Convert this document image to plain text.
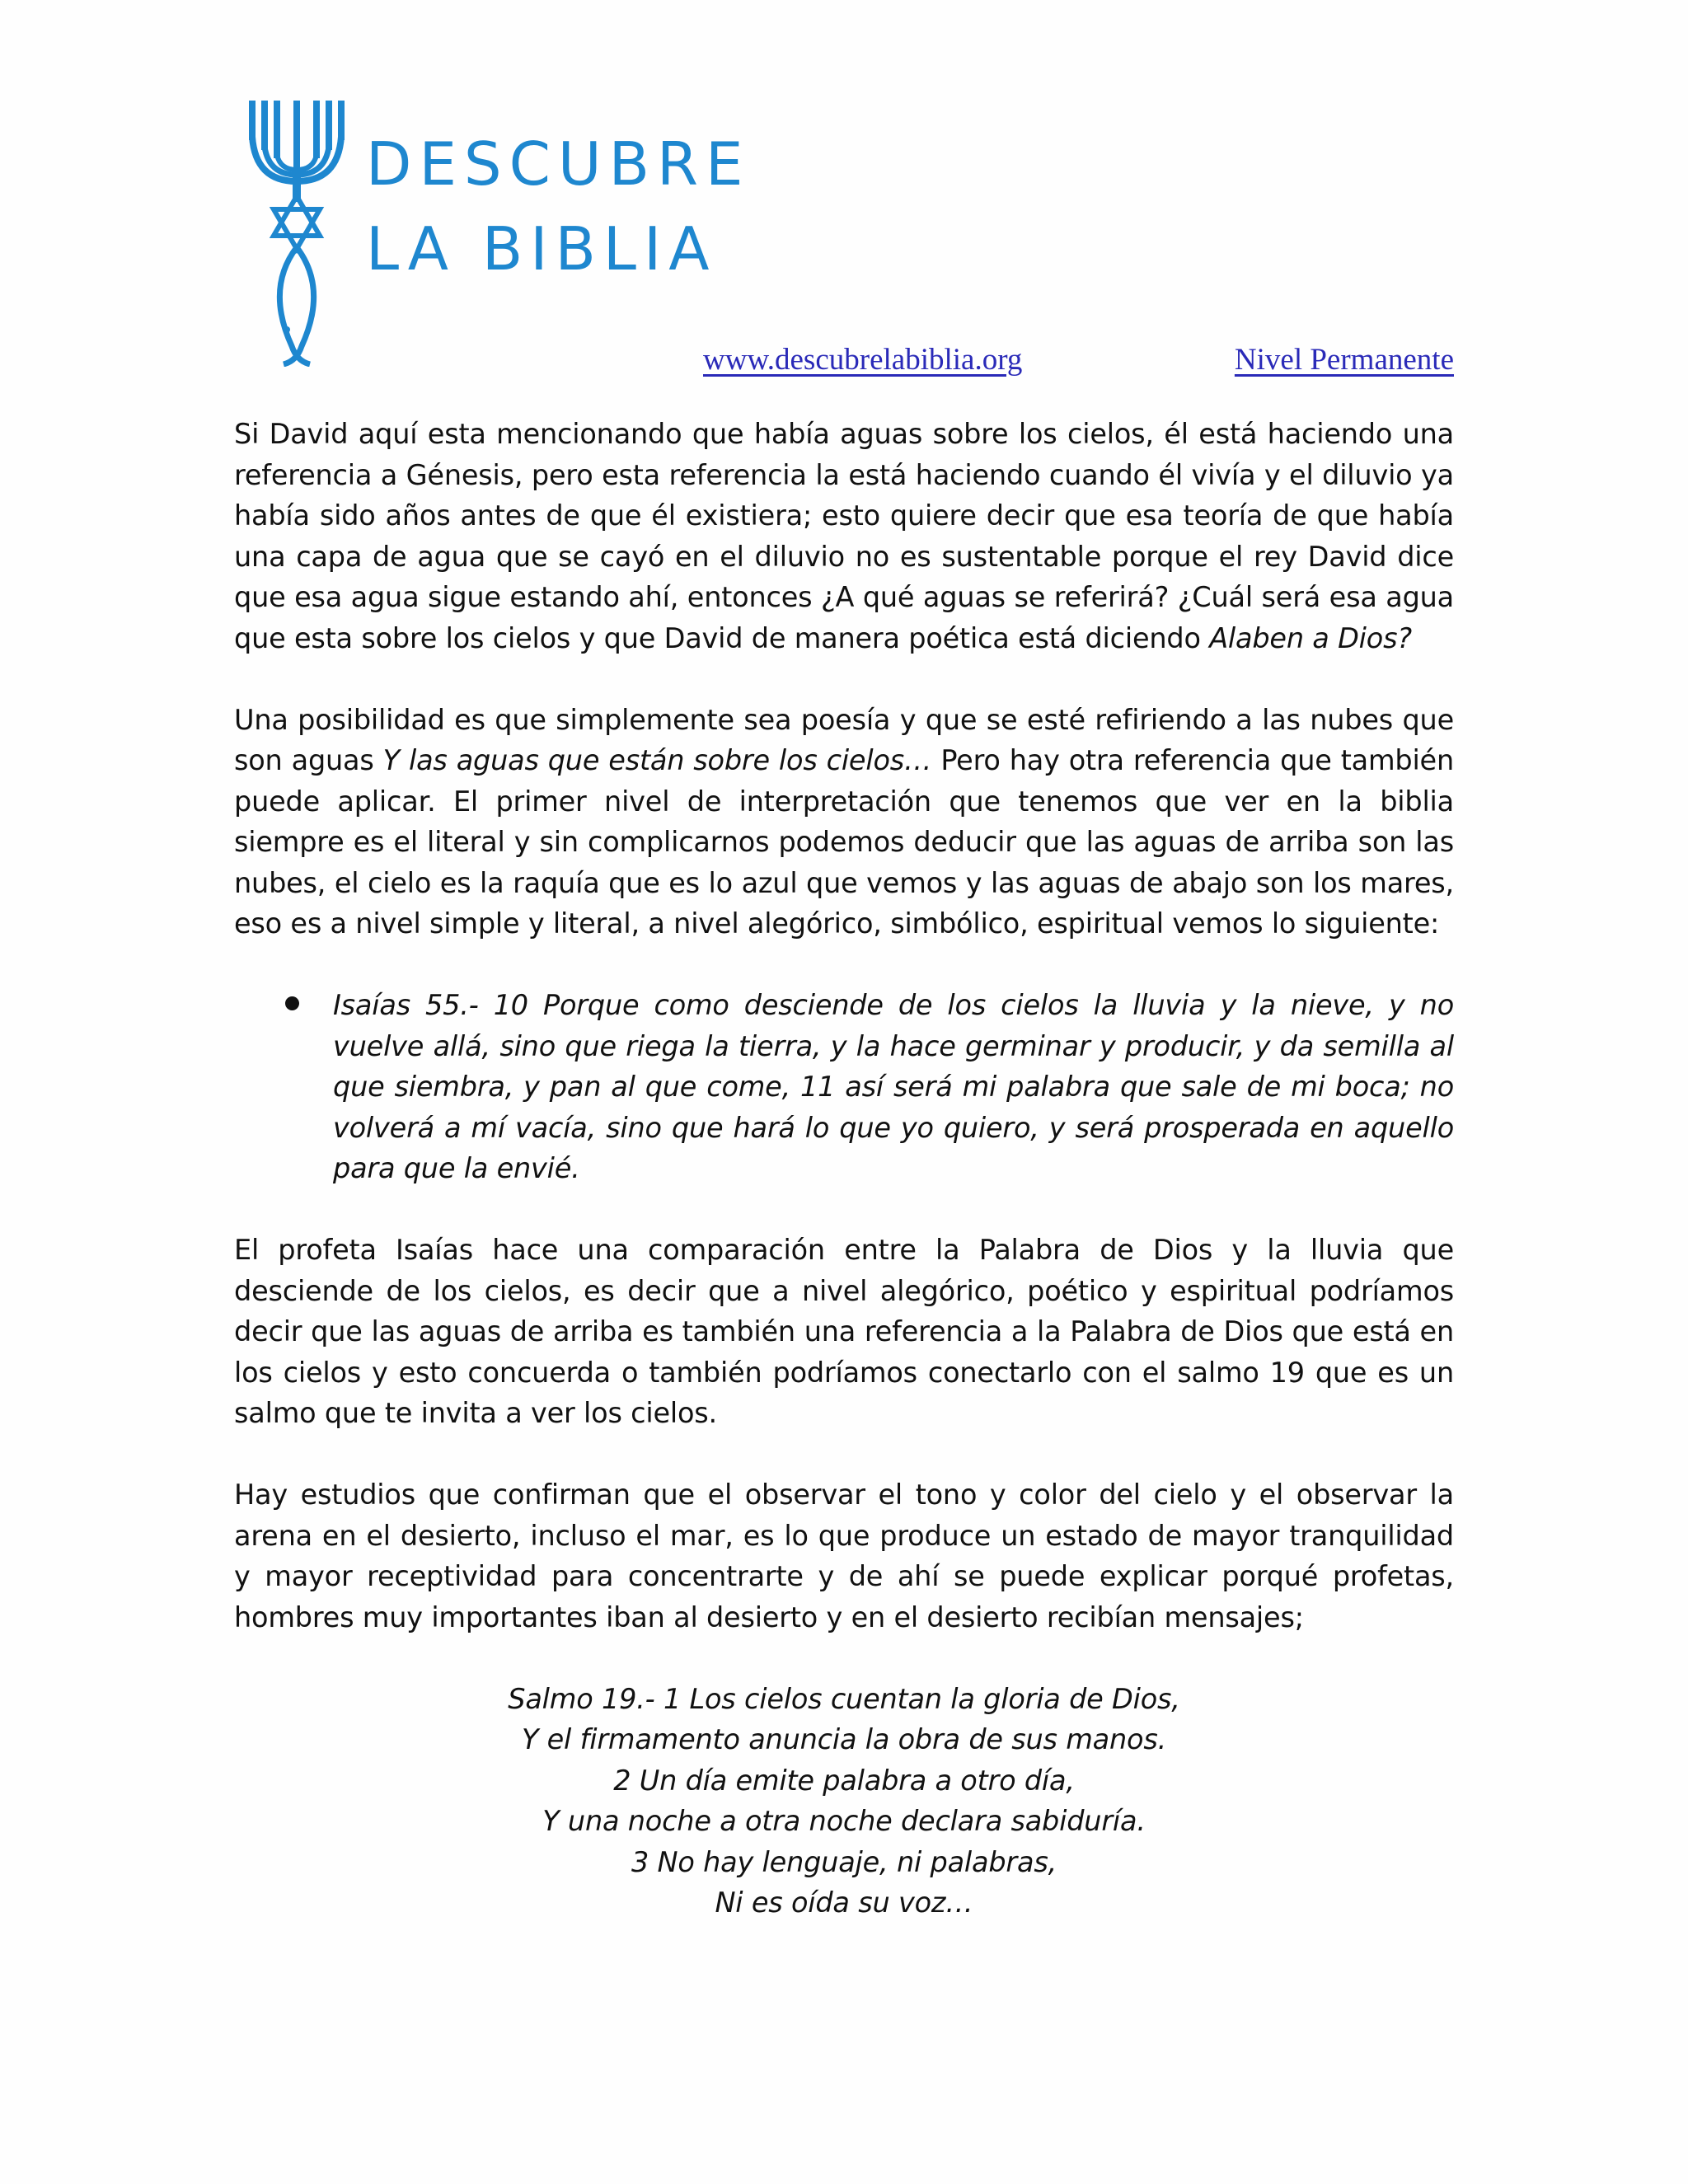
DESCUBRE
LA BIBLIA
www.descubrelabiblia.org	Nivel Permanente

Si David aquí esta mencionando que había aguas sobre los cielos, él está haciendo una referencia a Génesis, pero esta referencia la está haciendo cuando él vivía y el diluvio ya había sido años antes de que él existiera; esto quiere decir que esa teoría de que había una capa de agua que se cayó en el diluvio no es sustentable porque el rey David dice que esa agua sigue estando ahí, entonces ¿A qué aguas se referirá? ¿Cuál será esa agua que esta sobre los cielos y que David de manera poética está diciendo Alaben a Dios?

Una posibilidad es que simplemente sea poesía y que se esté refiriendo a las nubes que son aguas Y las aguas que están sobre los cielos… Pero hay otra referencia que también puede aplicar. El primer nivel de interpretación que tenemos que ver en la biblia siempre es el literal y sin complicarnos podemos deducir que las aguas de arriba son las nubes, el cielo es la raquía que es lo azul que vemos y las aguas de abajo son los mares, eso es a nivel simple y literal, a nivel alegórico, simbólico, espiritual vemos lo siguiente:

Isaías 55.- 10 Porque como desciende de los cielos la lluvia y la nieve, y no vuelve allá, sino que riega la tierra, y la hace germinar y producir, y da semilla al que siembra, y pan al que come, 11 así será mi palabra que sale de mi boca; no volverá a mí vacía, sino que hará lo que yo quiero, y será prosperada en aquello para que la envié.

El profeta Isaías hace una comparación entre la Palabra de Dios y la lluvia que desciende de los cielos, es decir que a nivel alegórico, poético y espiritual podríamos decir que las aguas de arriba es también una referencia a la Palabra de Dios que está en los cielos y esto concuerda o también podríamos conectarlo con el salmo 19 que es un salmo que te invita a ver los cielos.

Hay estudios que confirman que el observar el tono y color del cielo y el observar la arena en el desierto, incluso el mar, es lo que produce un estado de mayor tranquilidad y mayor receptividad para concentrarte y de ahí se puede explicar porqué profetas, hombres muy importantes iban al desierto y en el desierto recibían mensajes;

Salmo 19.- 1 Los cielos cuentan la gloria de Dios,
Y el firmamento anuncia la obra de sus manos.
2 Un día emite palabra a otro día,
Y una noche a otra noche declara sabiduría.
3 No hay lenguaje, ni palabras,
Ni es oída su voz…
